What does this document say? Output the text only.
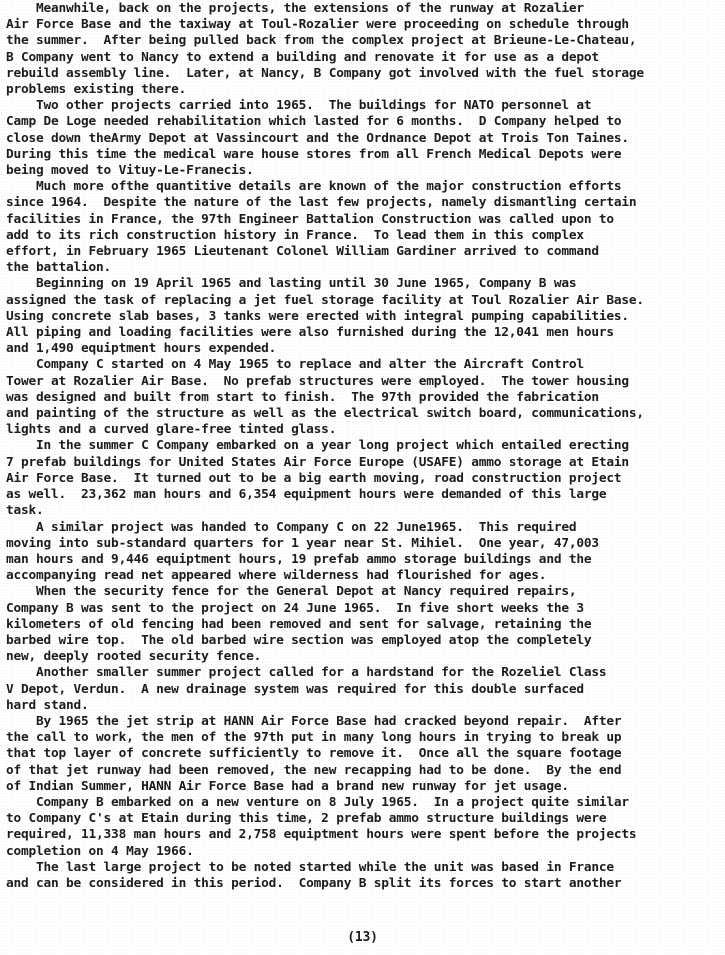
Meanwhile, back on the projects, the extensions of the runway at Rozalier
Air Force Base and the taxiway at Toul-Rozalier were proceeding on schedule through
the summer.  After being pulled back from the complex project at Brieune-Le-Chateau,
B Company went to Nancy to extend a building and renovate it for use as a depot
rebuild assembly line.  Later, at Nancy, B Company got involved with the fuel storage
problems existing there.
Two other projects carried into 1965.  The buildings for NATO personnel at
Camp De Loge needed rehabilitation which lasted for 6 months.  D Company helped to
close down theArmy Depot at Vassincourt and the Ordnance Depot at Trois Ton Taines.
During this time the medical ware house stores from all French Medical Depots were
being moved to Vituy-Le-Franecis.
Much more ofthe quantitive details are known of the major construction efforts
since 1964.  Despite the nature of the last few projects, namely dismantling certain
facilities in France, the 97th Engineer Battalion Construction was called upon to
add to its rich construction history in France.  To lead them in this complex
effort, in February 1965 Lieutenant Colonel William Gardiner arrived to command
the battalion.
Beginning on 19 April 1965 and lasting until 30 June 1965, Company B was
assigned the task of replacing a jet fuel storage facility at Toul Rozalier Air Base.
Using concrete slab bases, 3 tanks were erected with integral pumping capabilities.
All piping and loading facilities were also furnished during the 12,041 men hours
and 1,490 equiptment hours expended.
Company C started on 4 May 1965 to replace and alter the Aircraft Control
Tower at Rozalier Air Base.  No prefab structures were employed.  The tower housing
was designed and built from start to finish.  The 97th provided the fabrication
and painting of the structure as well as the electrical switch board, communications,
lights and a curved glare-free tinted glass.
In the summer C Company embarked on a year long project which entailed erecting
7 prefab buildings for United States Air Force Europe (USAFE) ammo storage at Etain
Air Force Base.  It turned out to be a big earth moving, road construction project
as well.  23,362 man hours and 6,354 equipment hours were demanded of this large
task.
A similar project was handed to Company C on 22 June1965.  This required
moving into sub-standard quarters for 1 year near St. Mihiel.  One year, 47,003
man hours and 9,446 equiptment hours, 19 prefab ammo storage buildings and the
accompanying read net appeared where wilderness had flourished for ages.
When the security fence for the General Depot at Nancy required repairs,
Company B was sent to the project on 24 June 1965.  In five short weeks the 3
kilometers of old fencing had been removed and sent for salvage, retaining the
barbed wire top.  The old barbed wire section was employed atop the completely
new, deeply rooted security fence.
Another smaller summer project called for a hardstand for the Rozeliel Class
V Depot, Verdun.  A new drainage system was required for this double surfaced
hard stand.
By 1965 the jet strip at HANN Air Force Base had cracked beyond repair.  After
the call to work, the men of the 97th put in many long hours in trying to break up
that top layer of concrete sufficiently to remove it.  Once all the square footage
of that jet runway had been removed, the new recapping had to be done.  By the end
of Indian Summer, HANN Air Force Base had a brand new runway for jet usage.
Company B embarked on a new venture on 8 July 1965.  In a project quite similar
to Company C's at Etain during this time, 2 prefab ammo structure buildings were
required, 11,338 man hours and 2,758 equiptment hours were spent before the projects
completion on 4 May 1966.
The last large project to be noted started while the unit was based in France
and can be considered in this period.  Company B split its forces to start another
(13)
